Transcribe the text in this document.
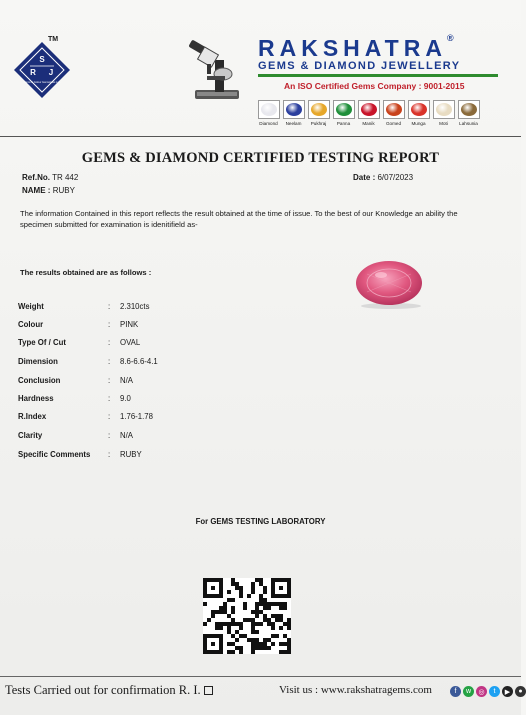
S
R J
Gems & Colour Gemstones Lab
TM	RAKSHATRA®
GEMS & DIAMOND JEWELLERY
An ISO Certified Gems Company : 9001-2015
Diamond Neelam Pukhraj Panna	Manik Gomed Munga	Moti Lahsunia
GEMS & DIAMOND CERTIFIED TESTING REPORT
Ref.No. TR 442
NAME : RUBY
Date : 6/07/2023
The information Contained in this report reflects the result obtained at the time of issue. To the best of our Knowledge an ability the specimen submitted for examination is idenitifield as-
The results obtained are as follows :
Weight	: 2.310cts
Colour	: PINK
Type Of / Cut	: OVAL
Dimension	: 8.6-6.6-4.1
Conclusion	: N/A
Hardness	: 9.0
R.Index	: 1.76-1.78
Clarity	: N/A
Specific Comments : RUBY
For GEMS TESTING LABORATORY
Tests Carried out for confirmation R. I.	Visit us : www.rakshatragems.com	f	w	◎	t	▶	●
